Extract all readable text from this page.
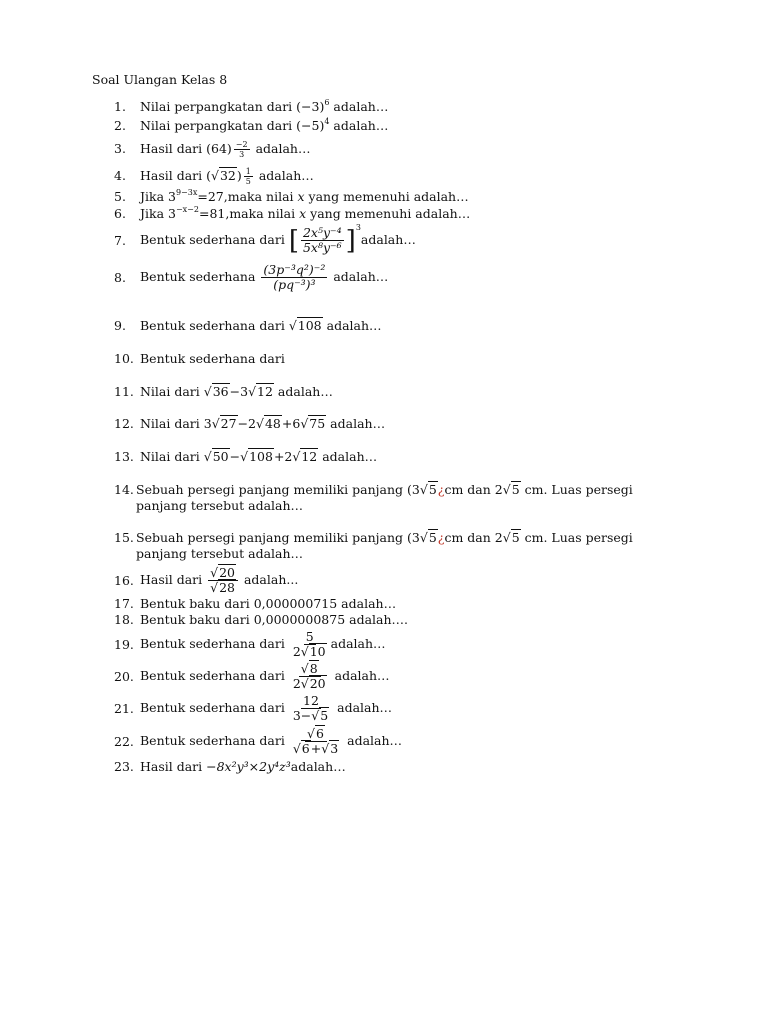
Soal Ulangan Kelas 8
1. Nilai perpangkatan dari $(-3)^6$ adalah…
2. Nilai perpangkatan dari $(-5)^4$ adalah…
3. Hasil dari $(64) \frac{-2}{3}$ adalah…
4. Hasil dari $(√32) \frac{1}{5}$ adalah…
5. Jika $3^{9-3x}=27,maka$ nilai x yang memenuhi adalah…
6. Jika $3^{-x-2}=81,maka$ nilai x yang memenuhi adalah…
7. Bentuk sederhana dari [ $\frac{\text{2x⁵y⁻⁴}}{\text{5x⁸y⁻⁶}}$ ]$^3$adalah…
8. Bentuk sederhana $\frac{\text{(3p⁻³q²)⁻²}}{\text{(pq⁻³)³}}$ adalah…
9. Bentuk sederhana dari √108 adalah…
10. Bentuk sederhana dari
11. Nilai dari √36−3√12 adalah…
12. Nilai dari 3√27−2√48+6√75 adalah…
13. Nilai dari √50−√108+2√12 adalah…
14. Sebuah persegi panjang memiliki panjang (3√5¿cm dan 2√5 cm. Luas persegi panjang tersebut adalah…
15. Sebuah persegi panjang memiliki panjang (3√5¿cm dan 2√5 cm. Luas persegi panjang tersebut adalah…
16. Hasil dari $\frac{√20}{√28}$ adalah...
17. Bentuk baku dari 0,000000715 adalah…
18. Bentuk baku dari 0,0000000875 adalah….
19. Bentuk sederhana dari $\frac{5}{2√10}$ adalah…
20. Bentuk sederhana dari $\frac{√8}{2√20}$ adalah…
21. Bentuk sederhana dari $\frac{12}{3-√5}$ adalah…
22. Bentuk sederhana dari $\frac{√6}{√6+√3}$ adalah…
23. Hasil dari −8x²y³×2y⁴z³adalah…
